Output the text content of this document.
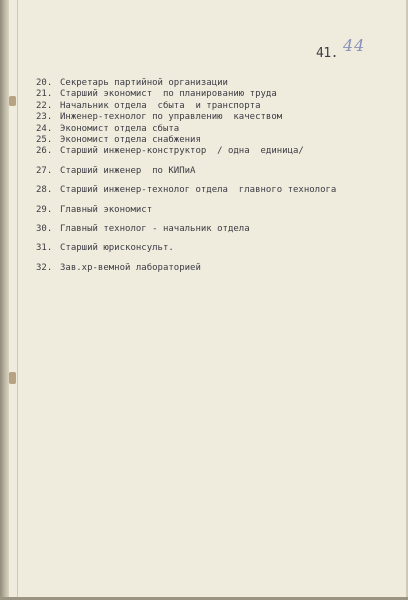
41. 44
20. Секретарь партийной организации
21. Старший экономист  по планированию труда
22. Начальник отдела  сбыта  и транспорта
23. Инженер-технолог по управлению  качеством
24. Экономист отдела сбыта
25. Экономист отдела снабжения
26. Старший инженер-конструктор  / одна  единица/
27. Старший инженер  по КИПиА
28. Старший инженер-технолог отдела  главного технолога
29. Главный экономист
30. Главный технолог - начальник отдела
31. Старший юрисконсульт.
32. Зав.хр-вемной лабораторией
